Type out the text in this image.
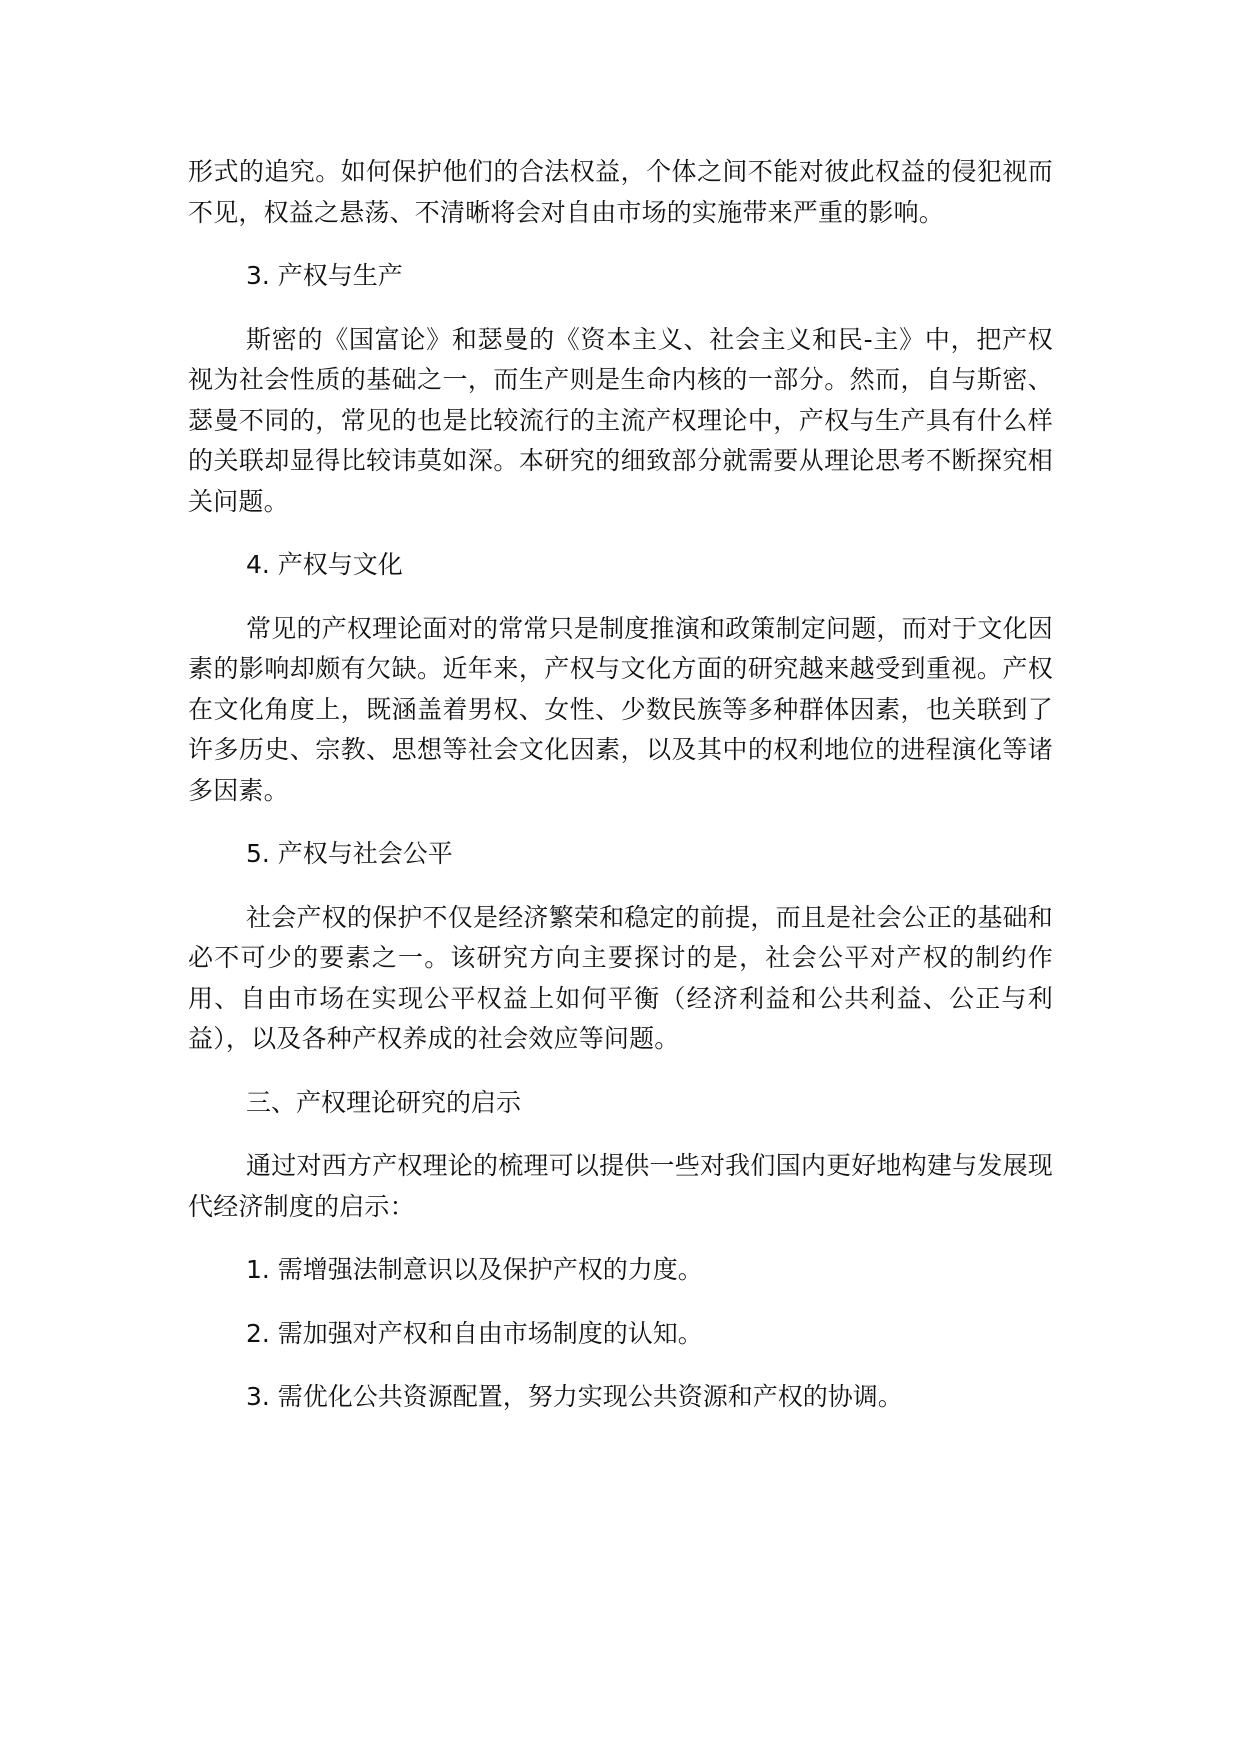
形式的追究。如何保护他们的合法权益，个体之间不能对彼此权益的侵犯视而不见，权益之悬荡、不清晰将会对自由市场的实施带来严重的影响。

3. 产权与生产

斯密的《国富论》和瑟曼的《资本主义、社会主义和民-主》中，把产权视为社会性质的基础之一，而生产则是生命内核的一部分。然而，自与斯密、瑟曼不同的，常见的也是比较流行的主流产权理论中，产权与生产具有什么样的关联却显得比较讳莫如深。本研究的细致部分就需要从理论思考不断探究相关问题。

4. 产权与文化

常见的产权理论面对的常常只是制度推演和政策制定问题，而对于文化因素的影响却颇有欠缺。近年来，产权与文化方面的研究越来越受到重视。产权在文化角度上，既涵盖着男权、女性、少数民族等多种群体因素，也关联到了许多历史、宗教、思想等社会文化因素，以及其中的权利地位的进程演化等诸多因素。

5. 产权与社会公平

社会产权的保护不仅是经济繁荣和稳定的前提，而且是社会公正的基础和必不可少的要素之一。该研究方向主要探讨的是，社会公平对产权的制约作用、自由市场在实现公平权益上如何平衡（经济利益和公共利益、公正与利益），以及各种产权养成的社会效应等问题。

三、产权理论研究的启示

通过对西方产权理论的梳理可以提供一些对我们国内更好地构建与发展现代经济制度的启示：

1. 需增强法制意识以及保护产权的力度。
2. 需加强对产权和自由市场制度的认知。
3. 需优化公共资源配置，努力实现公共资源和产权的协调。
